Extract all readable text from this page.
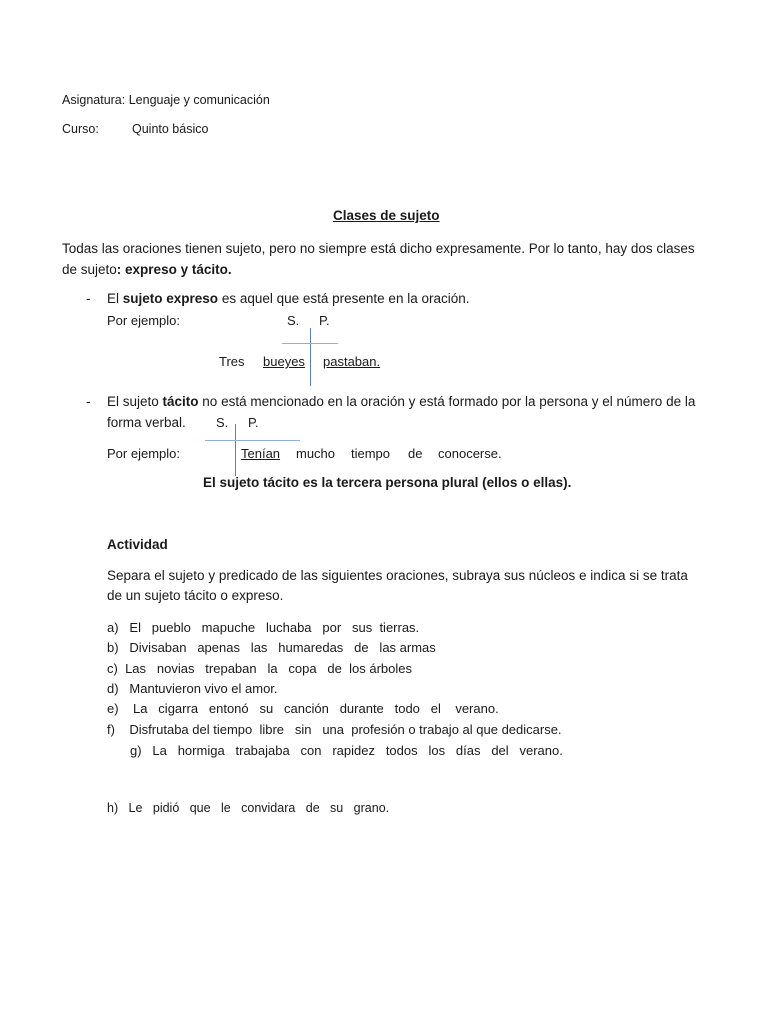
Asignatura: Lenguaje y comunicación
Curso:	Quinto básico
Clases de sujeto
Todas las oraciones tienen sujeto, pero no siempre está dicho expresamente. Por lo tanto, hay dos clases
de sujeto: expreso y tácito.
- El sujeto expreso es aquel que está presente en la oración.
Por ejemplo:	S. P.
Tres bueyes pastaban.
- El sujeto tácito no está mencionado en la oración y está formado por la persona y el número de la
forma verbal. S. P.
Por ejemplo:	Tenían mucho tiempo de conocerse.
El sujeto tácito es la tercera persona plural (ellos o ellas).
Actividad
Separa el sujeto y predicado de las siguientes oraciones, subraya sus núcleos e indica si se trata
de un sujeto tácito o expreso.
a) El   pueblo   mapuche   luchaba   por   sus  tierras.
b) Divisaban   apenas   las   humaredas   de   las armas
c) Las   novias   trepaban   la   copa   de  los árboles
d) Mantuvieron vivo el amor.
e) La   cigarra   entonó   su   canción   durante   todo   el    verano.
f) Disfrutaba del tiempo  libre   sin   una  profesión o trabajo al que dedicarse.
g) La   hormiga   trabajaba   con   rapidez   todos   los   días   del   verano.
h) Le   pidió   que   le   convidara   de   su   grano.
